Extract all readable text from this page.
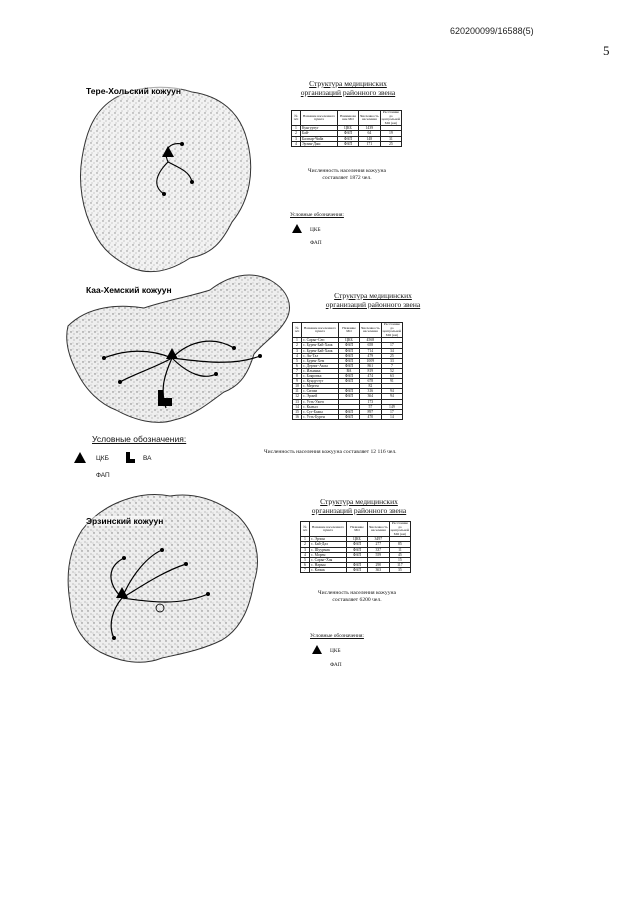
620200099/16588(5)
5
Тере-Хольский кожуун
Структура медицинских
организаций районного звена
№ п/п	Название населенного пункта	Наименова ние МО	Численность населения	Расстояние до центральной МО (км)
1	Кунгуртуг	ЦКБ	1439	
2	Бай-	ФАП	64	19
3	Балгыр-Чийа	ФАП	148	31
4	Эрзин-Даш	ФАП	171	25
Численность населения кожууна
составляет 1872 чел.
Условные обозначения:
ЦКБ
ФАП
Каа-Хемский кожуун
Структура медицинских
организаций районного звена
№ п/п	Название населенного пункта	Название МО	Численность населения	Расстояние до центральной МО (км)
1	с. Сарыг-Сеп	ЦКБ	4568	
2	с. Бурен-Бай-Хаак	ФАП	658	17
3	с. Бурен-Бай-Хаак	ФАП	714	34
4	с. Ак-Тал	ФАП	479	25
5	с. Бурен-Хем	ФАП	1009	33
6	с. Дерзиг-Аксы	ФАП	861	7
7	с. Ильинка	ВА	819	52
8	с. Бояровка	ФАП	474	63
9	с. Кундустуг	ФАП	678	91
10	с. Мерген		82	
11	с. Сизим	ФАП	316	94
12	с. Эржей	ФАП	364	94
13	с. Усть-Ужеп		173	
14	с. Кызыл		57	149
15	с. Суг-Бажы	ФАП	897	17
16	с. Усть-Бурен	ФАП	470	14
Численность населения кожууна составляет 12 116 чел.
Условные обозначения:
ЦКБ	ВА
ФАП
Эрзинский кожуун
Структура медицинских
организаций районного звена
№ п/п	Название населенного пункта	Название МО	Численность населения	Расстояние до центральной МО (км)
1	с. Эрзин	ЦКБ	3497	
2	с. Бай-Дал	ФАП	277	85
3	с. Шуурмак	ФАП	337	11
4	с. Морен	ФАП	559	45
5	с. Сарыг-Хая			15
6	с. Нарын	ФАП	290	117
7	с. Качык	ФАП	363	35
Численность населения кожууна
составляет 6200 чел.
Условные обозначения:
ЦКБ
ФАП
